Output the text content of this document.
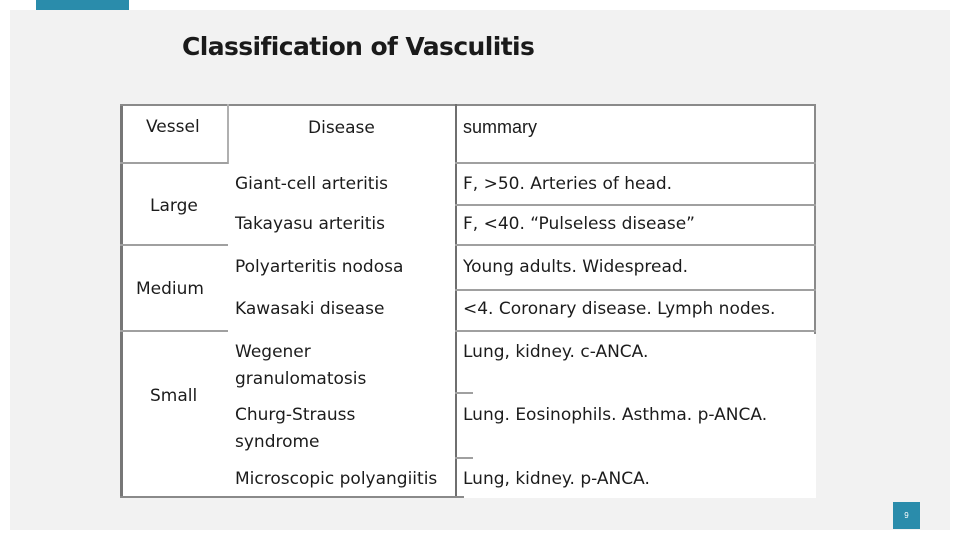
Classification of Vasculitis
Vessel	Disease	summary
Large
Medium
Small
Giant-cell arteritis
Takayasu arteritis
Polyarteritis nodosa
Kawasaki disease
Wegener granulomatosis
Churg-Strauss syndrome
Microscopic polyangiitis
F, >50. Arteries of head.
F, <40. “Pulseless disease”
Young adults. Widespread.
<4. Coronary disease. Lymph nodes.
Lung, kidney. c-ANCA.
Lung. Eosinophils. Asthma. p-ANCA.
Lung, kidney. p-ANCA.
9
